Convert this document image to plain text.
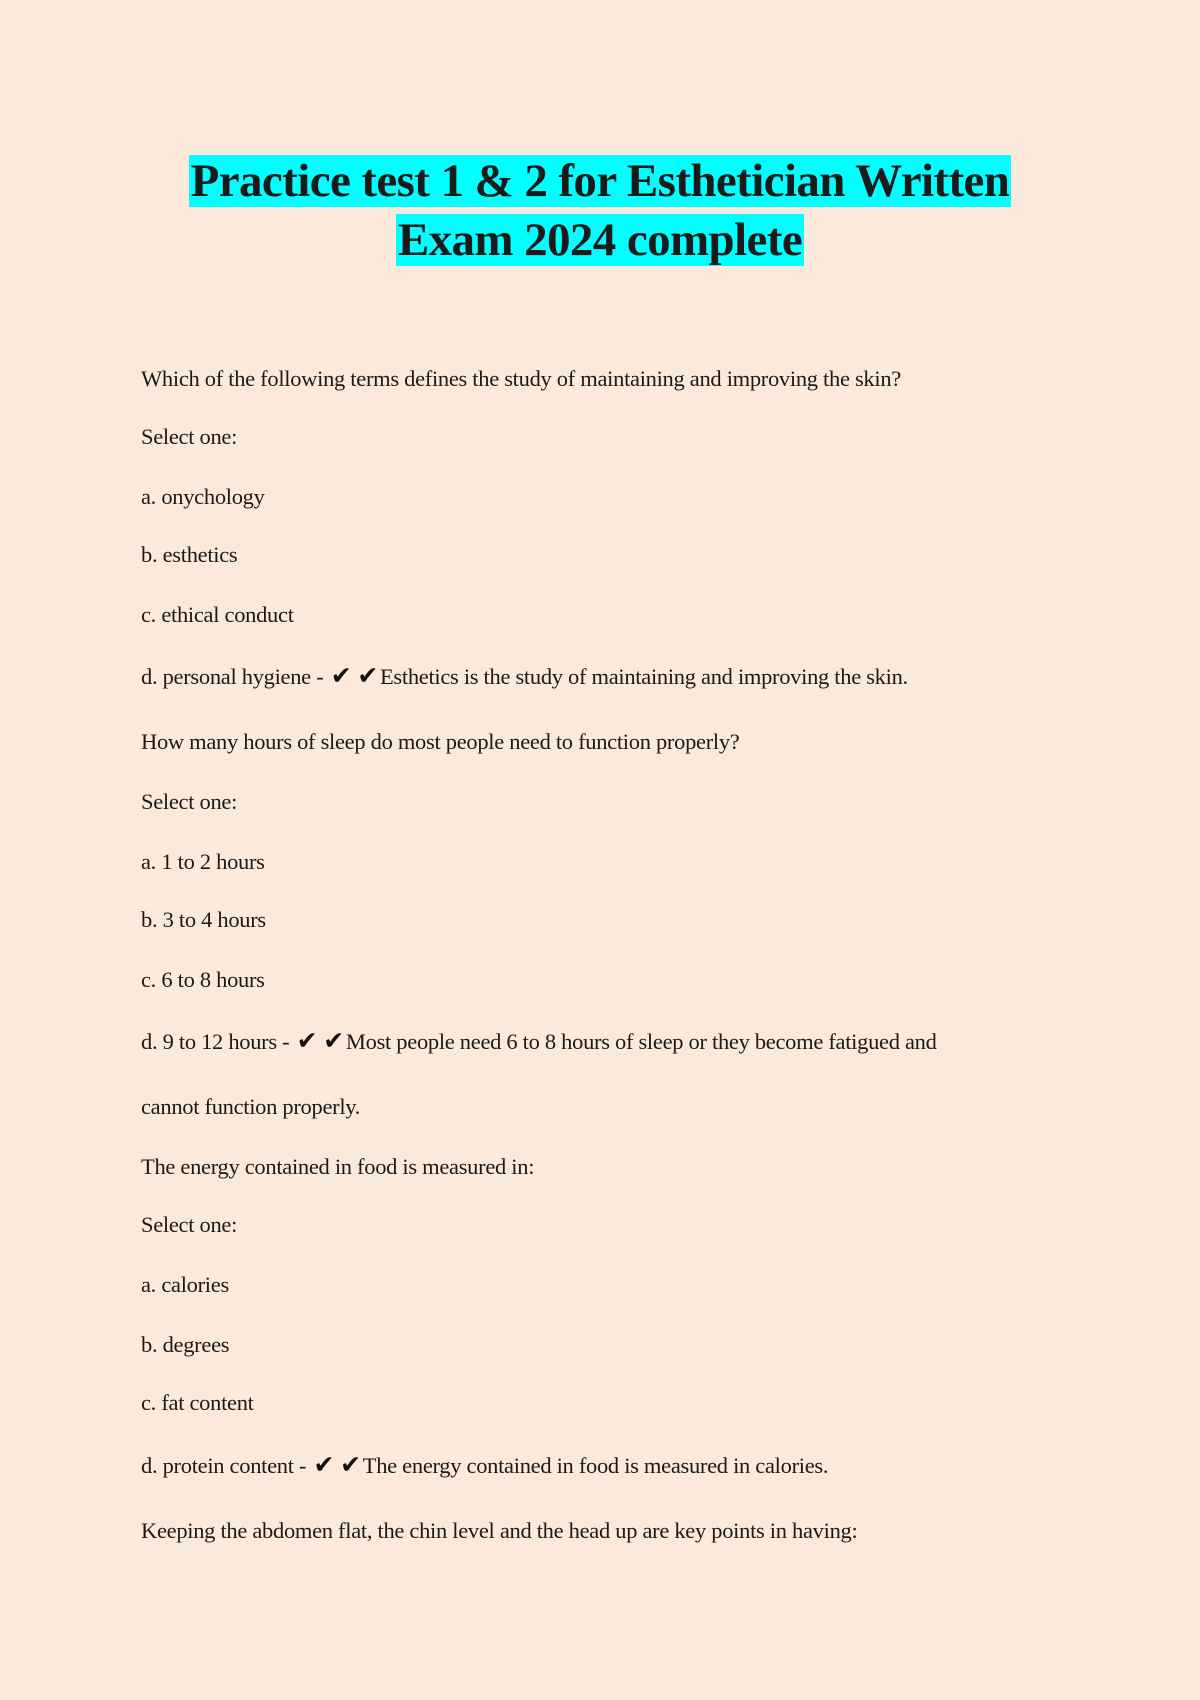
Practice test 1 & 2 for Esthetician Written
Exam 2024 complete
Which of the following terms defines the study of maintaining and improving the skin?
Select one:
a. onychology
b. esthetics
c. ethical conduct
d. personal hygiene - ✔ ✔Esthetics is the study of maintaining and improving the skin.
How many hours of sleep do most people need to function properly?
Select one:
a. 1 to 2 hours
b. 3 to 4 hours
c. 6 to 8 hours
d. 9 to 12 hours - ✔ ✔Most people need 6 to 8 hours of sleep or they become fatigued and
cannot function properly.
The energy contained in food is measured in:
Select one:
a. calories
b. degrees
c. fat content
d. protein content - ✔ ✔The energy contained in food is measured in calories.
Keeping the abdomen flat, the chin level and the head up are key points in having:
